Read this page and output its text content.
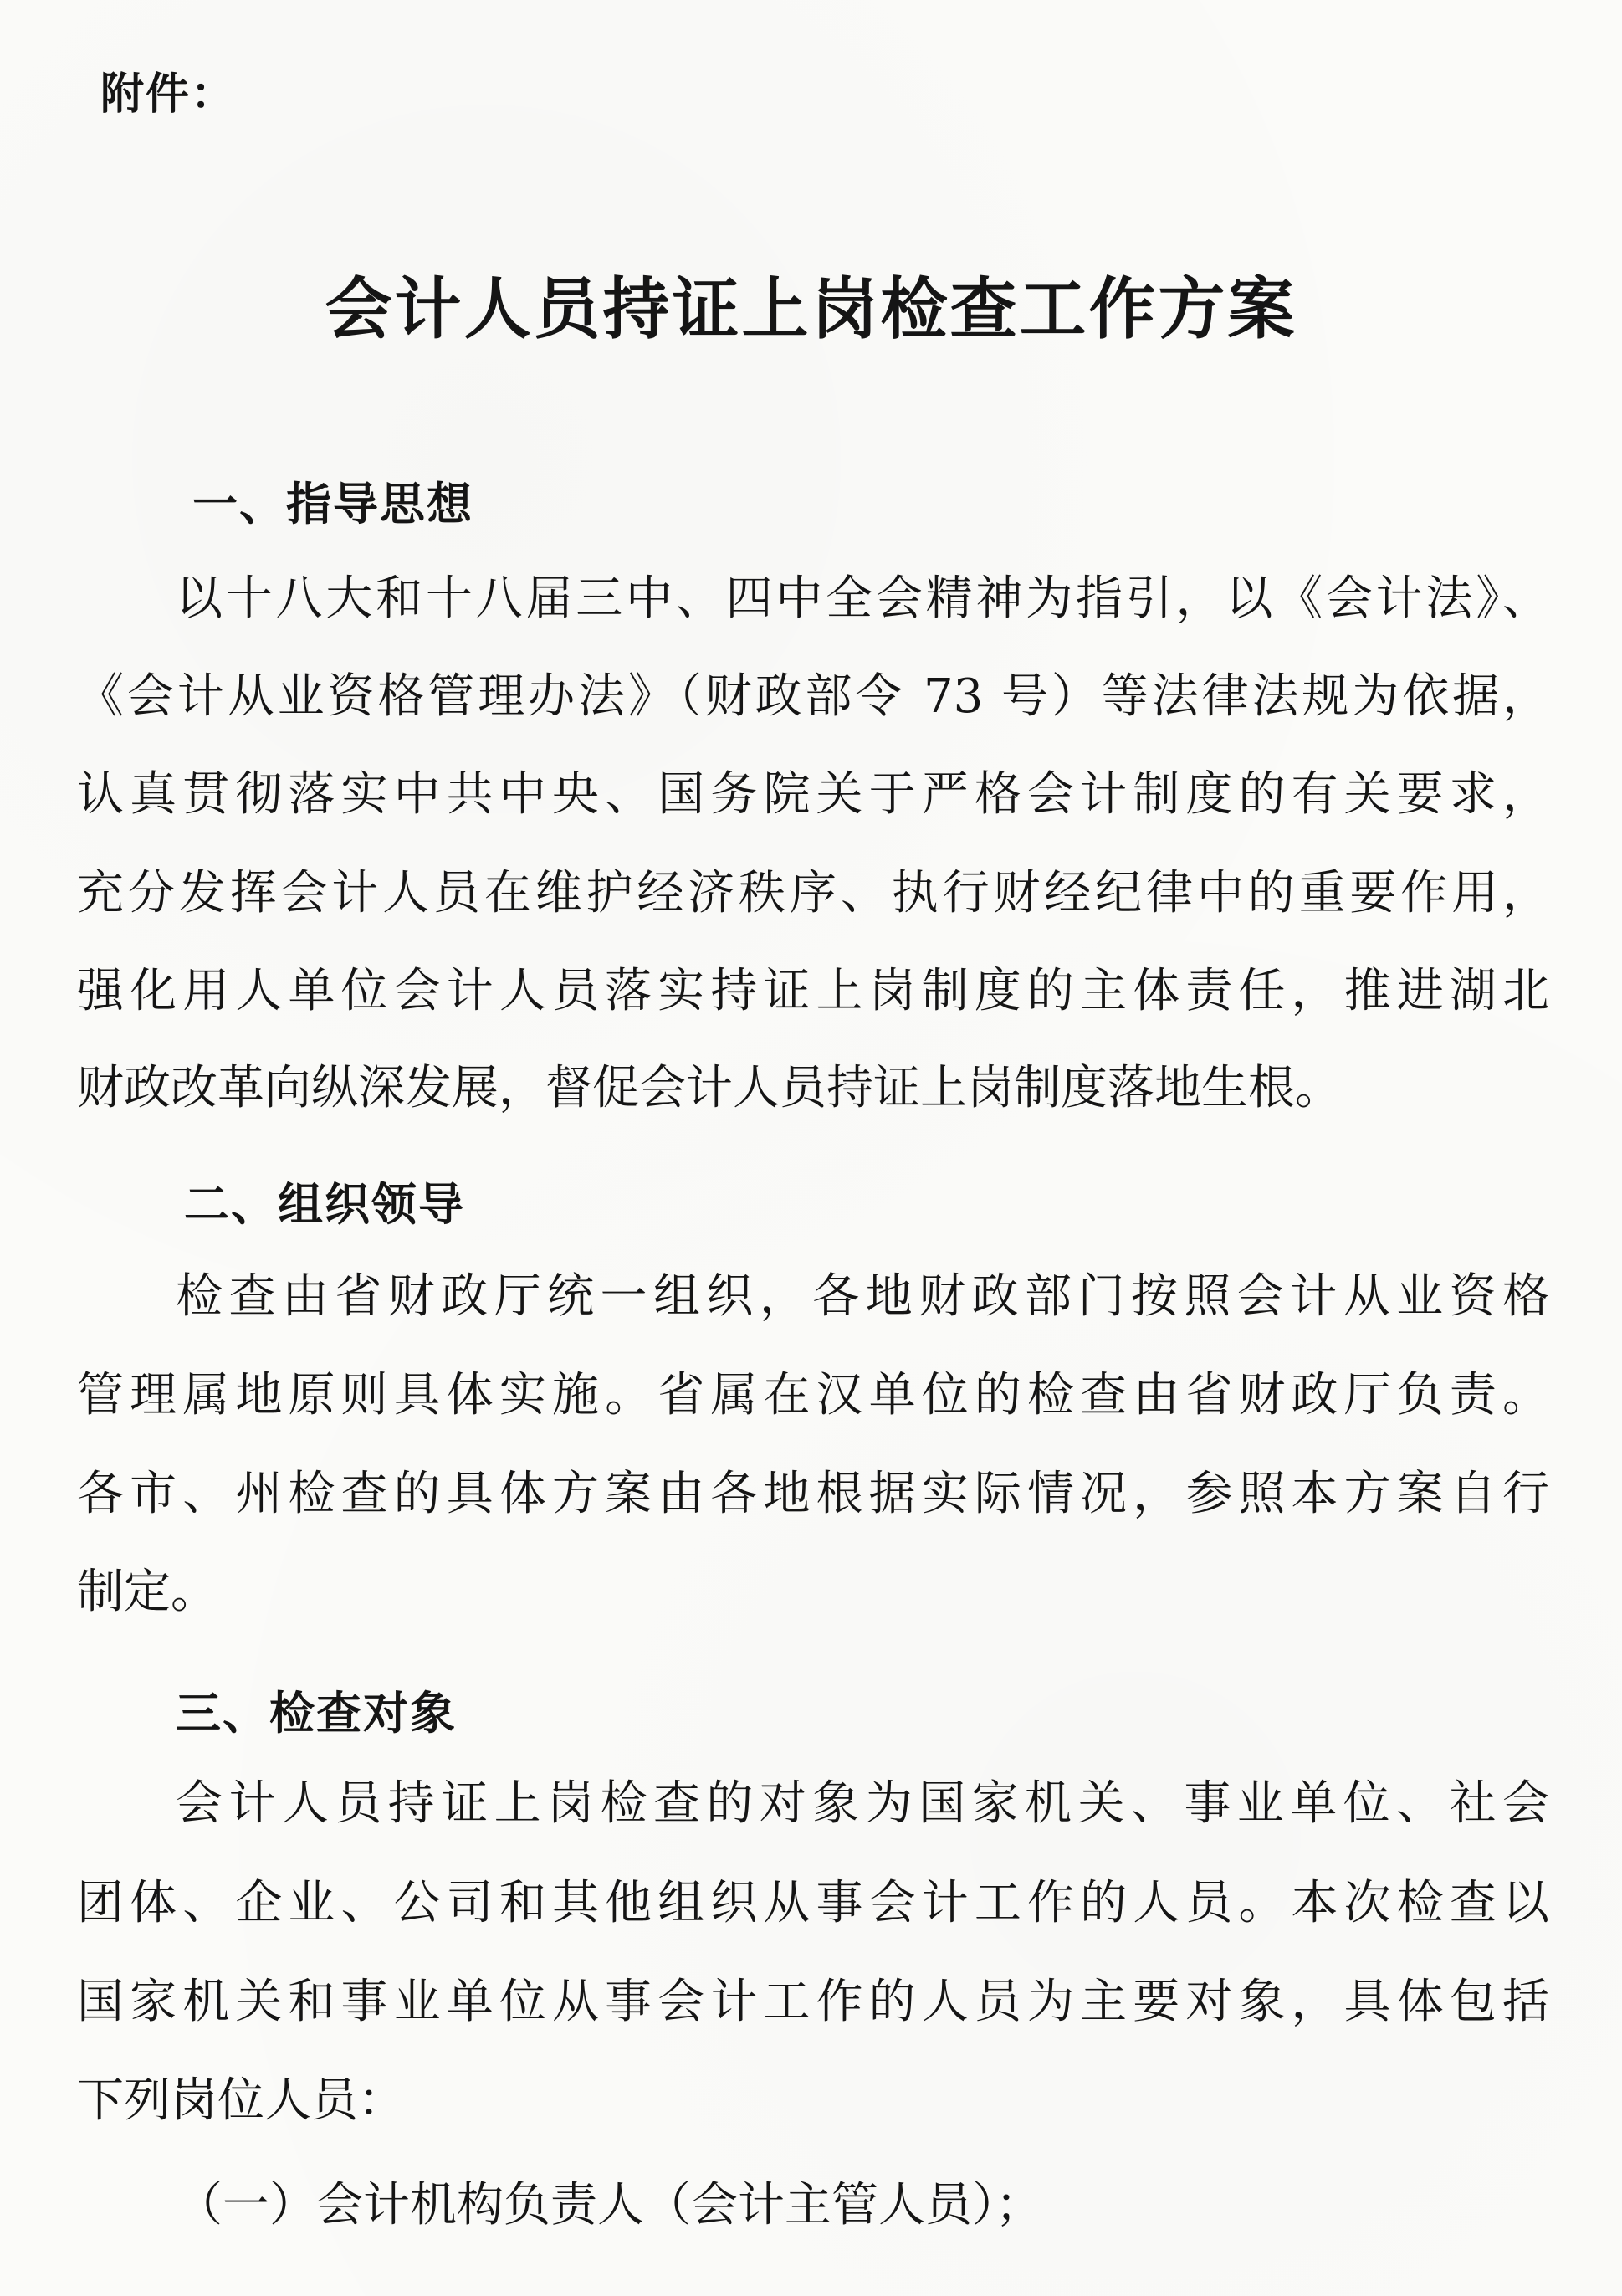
附件：
会计人员持证上岗检查工作方案
一、指导思想
以十八大和十八届三中、四中全会精神为指引，以《会计法》、
《会计从业资格管理办法》（财政部令 73 号）等法律法规为依据，
认真贯彻落实中共中央、国务院关于严格会计制度的有关要求，
充分发挥会计人员在维护经济秩序、执行财经纪律中的重要作用，
强化用人单位会计人员落实持证上岗制度的主体责任，推进湖北
财政改革向纵深发展，督促会计人员持证上岗制度落地生根。
二、组织领导
检查由省财政厅统一组织，各地财政部门按照会计从业资格
管理属地原则具体实施。省属在汉单位的检查由省财政厅负责。
各市、州检查的具体方案由各地根据实际情况，参照本方案自行
制定。
三、检查对象
会计人员持证上岗检查的对象为国家机关、事业单位、社会
团体、企业、公司和其他组织从事会计工作的人员。本次检查以
国家机关和事业单位从事会计工作的人员为主要对象，具体包括
下列岗位人员：
（一）会计机构负责人（会计主管人员）；
